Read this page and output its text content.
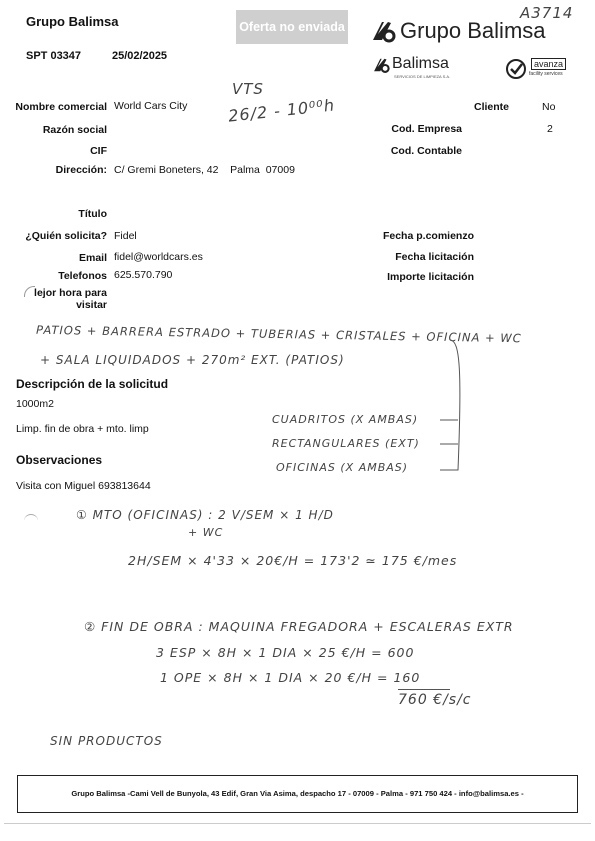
Grupo Balimsa
SPT 03347	25/02/2025
Oferta no enviada	Grupo Balimsa
A3714
Balimsa
SERVICIOS DE LIMPIEZA S.A.
avanza
facility services
Nombre comercial World Cars City
Razón social
CIF
Dirección: C/ Gremi Boneters, 42    Palma  07009
Cliente	No
Cod. Empresa	2
Cod. Contable
VTS
26/2 - 10⁰⁰h
Título
¿Quién solicita? Fidel
Email fidel@worldcars.es
Telefonos 625.570.790
lejor hora para
visitar
Fecha p.comienzo
Fecha licitación
Importe licitación
PATIOS + BARRERA ESTRADO + TUBERIAS + CRISTALES + OFICINA + WC
+ SALA LIQUIDADOS + 270m² EXT. (PATIOS)
Descripción de la solicitud
1000m2
Limp. fin de obra + mto. limp
Observaciones
Visita con Miguel 693813644
CUADRITOS (X AMBAS)
RECTANGULARES (EXT)
OFICINAS (X AMBAS)
① MTO (OFICINAS) : 2 V/SEM × 1 H/D
+ WC
2H/SEM × 4'33 × 20€/H = 173'2 ≃ 175 €/mes
② FIN DE OBRA : MAQUINA FREGADORA + ESCALERAS EXTR
3 ESP × 8H × 1 DIA × 25 €/H = 600
1 OPE × 8H × 1 DIA × 20 €/H = 160
760 €/s/c
SIN PRODUCTOS
Grupo Balimsa -Cami Vell de Bunyola, 43 Edif, Gran Via Asima, despacho 17 - 07009 - Palma - 971 750 424 - info@balimsa.es -
